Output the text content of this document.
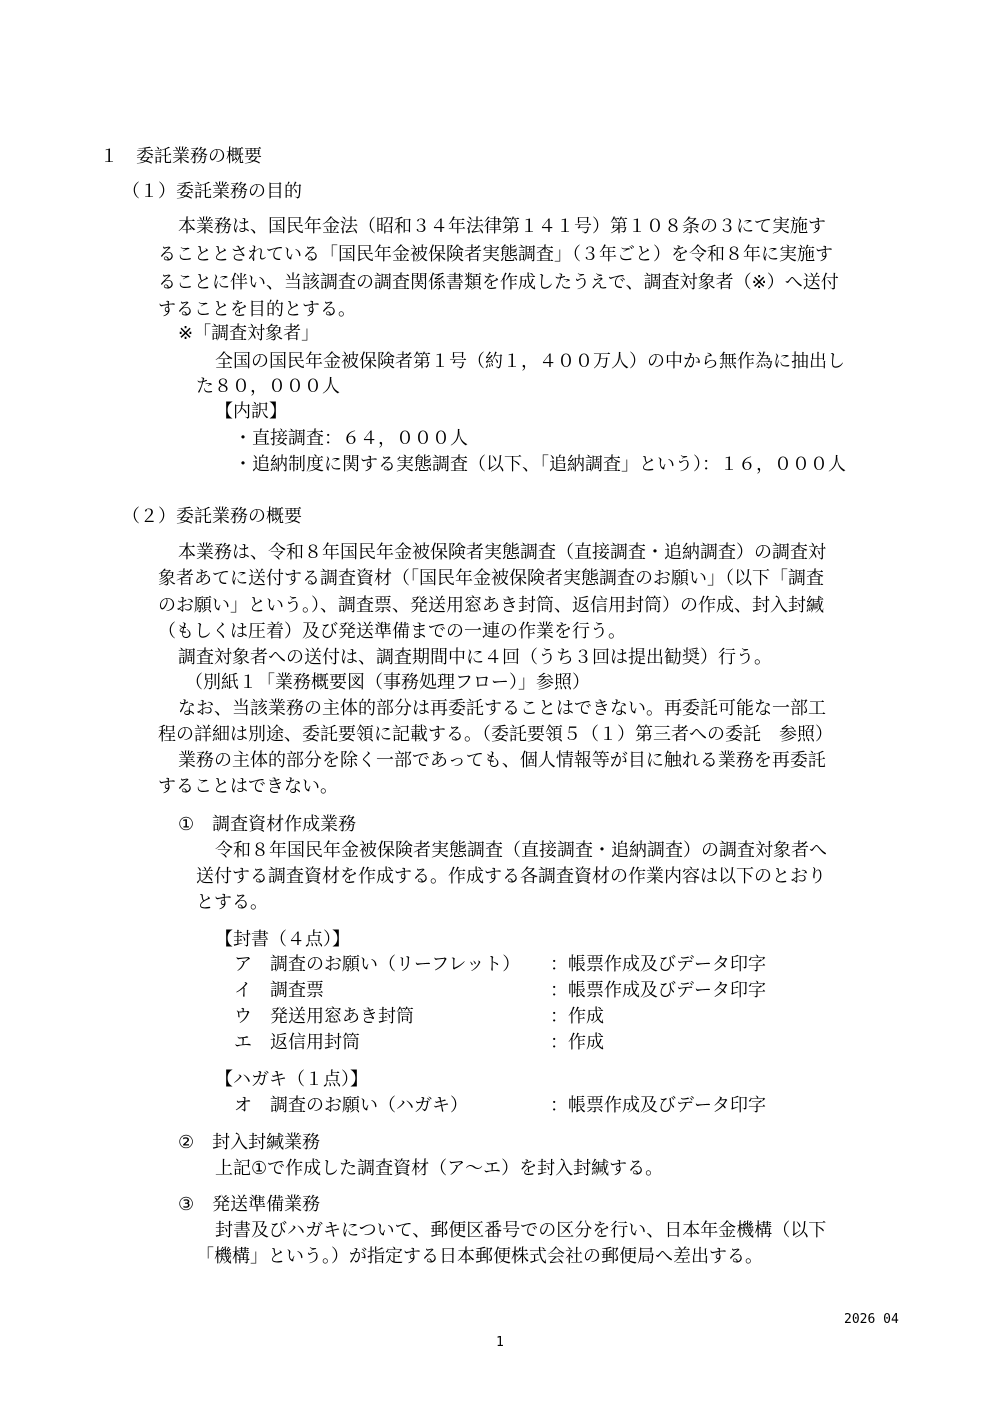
１　委託業務の概要
（１）委託業務の目的
本業務は、国民年金法（昭和３４年法律第１４１号）第１０８条の３にて実施す
ることとされている「国民年金被保険者実態調査」（３年ごと）を令和８年に実施す
ることに伴い、当該調査の調査関係書類を作成したうえで、調査対象者（※）へ送付
することを目的とする。
※「調査対象者」
全国の国民年金被保険者第１号（約１，４００万人）の中から無作為に抽出し
た８０，０００人
【内訳】
・直接調査：６４，０００人
・追納制度に関する実態調査（以下、「追納調査」という）：１６，０００人
（２）委託業務の概要
本業務は、令和８年国民年金被保険者実態調査（直接調査・追納調査）の調査対
象者あてに送付する調査資材（「国民年金被保険者実態調査のお願い」（以下「調査
のお願い」という。）、調査票、発送用窓あき封筒、返信用封筒）の作成、封入封緘
（もしくは圧着）及び発送準備までの一連の作業を行う。
調査対象者への送付は、調査期間中に４回（うち３回は提出勧奨）行う。
（別紙１「業務概要図（事務処理フロー）」参照）
なお、当該業務の主体的部分は再委託することはできない。再委託可能な一部工
程の詳細は別途、委託要領に記載する。（委託要領５（１）第三者への委託　参照）
業務の主体的部分を除く一部であっても、個人情報等が目に触れる業務を再委託
することはできない。
①　調査資材作成業務
令和８年国民年金被保険者実態調査（直接調査・追納調査）の調査対象者へ
送付する調査資材を作成する。作成する各調査資材の作業内容は以下のとおり
とする。
【封書（４点）】
ア　調査のお願い（リーフレット） ：帳票作成及びデータ印字
イ　調査票	：帳票作成及びデータ印字
ウ　発送用窓あき封筒	：作成
エ　返信用封筒	：作成
【ハガキ（１点）】
オ　調査のお願い（ハガキ）	：帳票作成及びデータ印字
②　封入封緘業務
上記①で作成した調査資材（ア～エ）を封入封緘する。
③　発送準備業務
封書及びハガキについて、郵便区番号での区分を行い、日本年金機構（以下
「機構」という。）が指定する日本郵便株式会社の郵便局へ差出する。
2026 04
1
